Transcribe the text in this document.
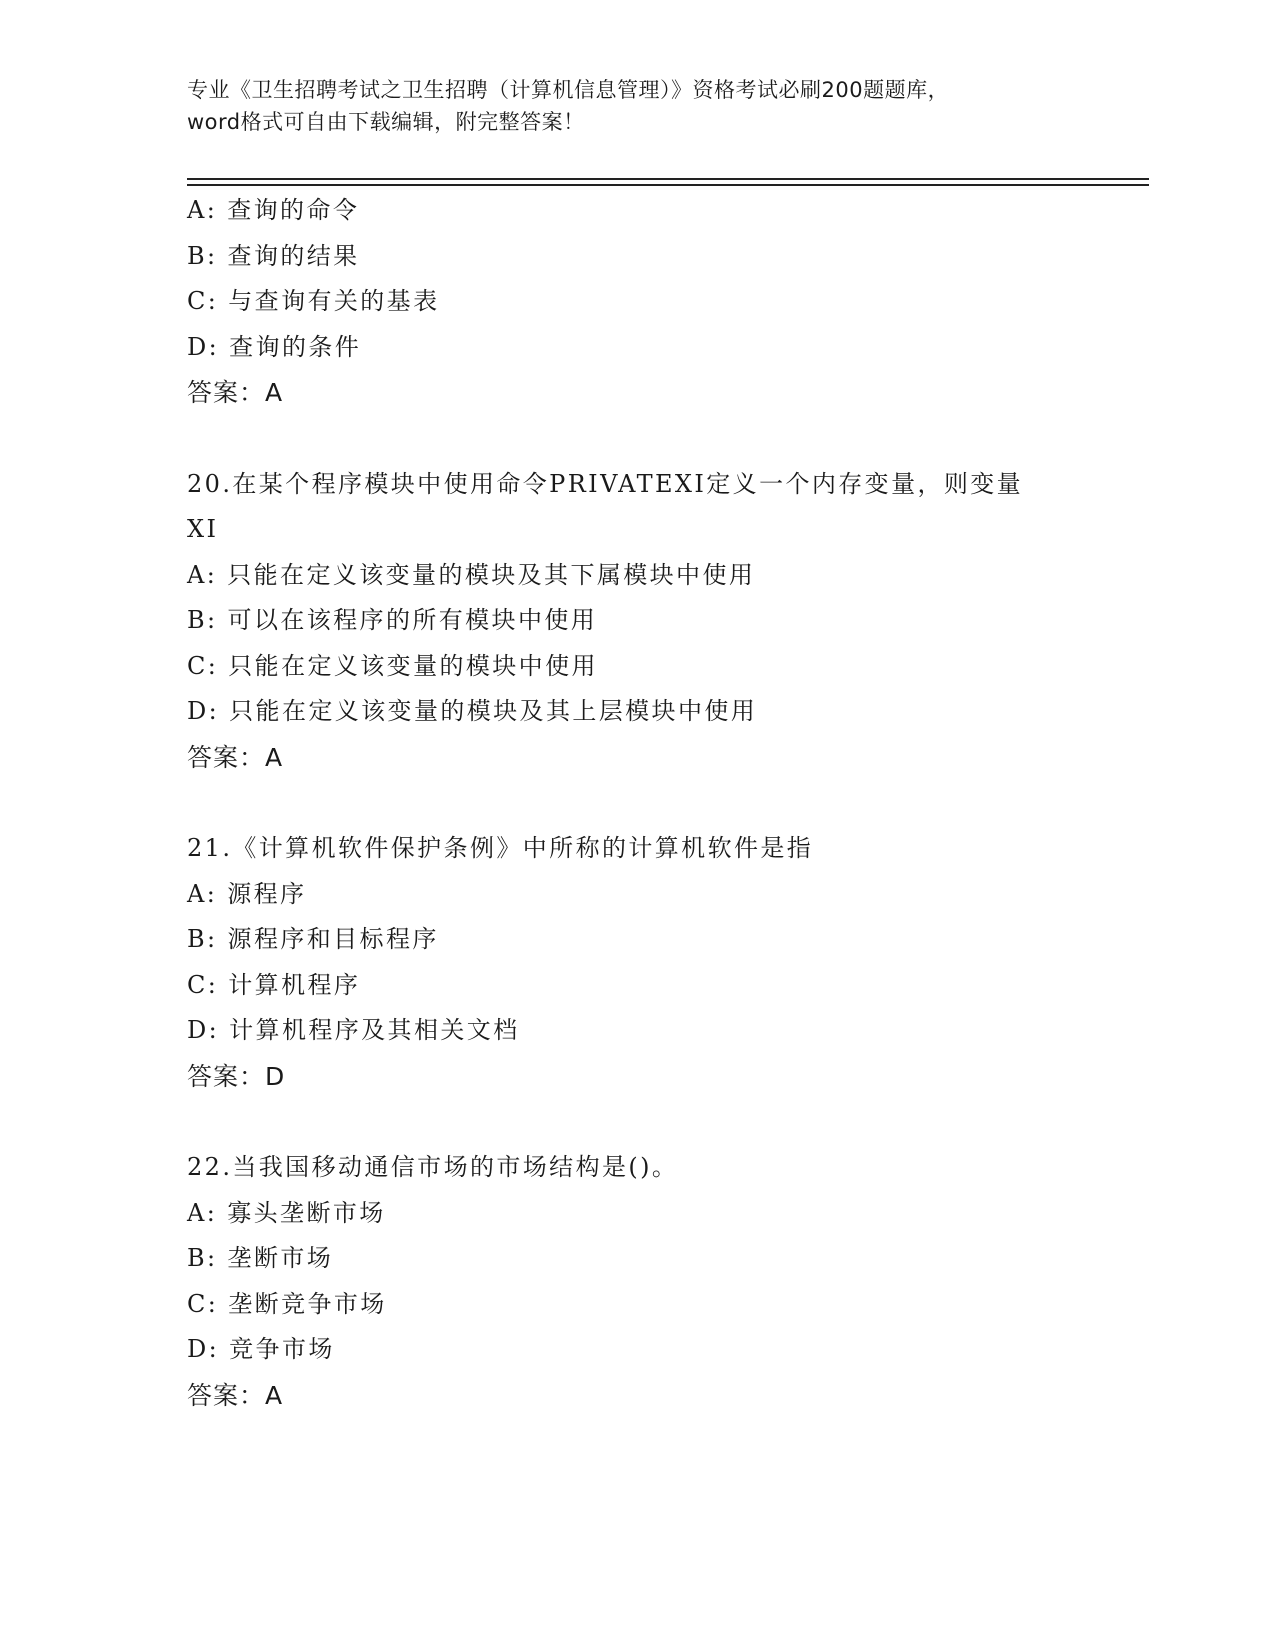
专业《卫生招聘考试之卫生招聘（计算机信息管理）》资格考试必刷200题题库，
word格式可自由下载编辑，附完整答案！
A: 查询的命令
B: 查询的结果
C: 与查询有关的基表
D: 查询的条件
答案：A
20.在某个程序模块中使用命令PRIVATEXI定义一个内存变量，则变量
XI
A: 只能在定义该变量的模块及其下属模块中使用
B: 可以在该程序的所有模块中使用
C: 只能在定义该变量的模块中使用
D: 只能在定义该变量的模块及其上层模块中使用
答案：A
21.《计算机软件保护条例》中所称的计算机软件是指
A: 源程序
B: 源程序和目标程序
C: 计算机程序
D: 计算机程序及其相关文档
答案：D
22.当我国移动通信市场的市场结构是()。
A: 寡头垄断市场
B: 垄断市场
C: 垄断竞争市场
D: 竞争市场
答案：A
